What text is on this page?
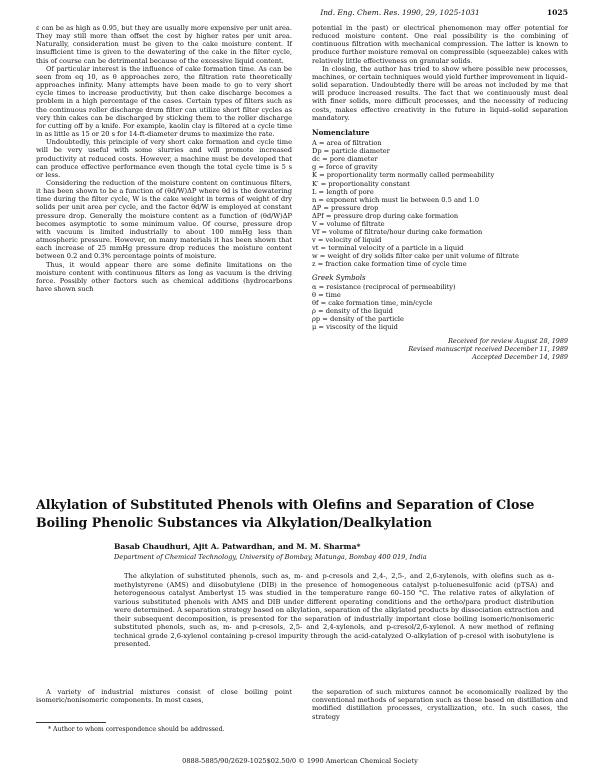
Ind. Eng. Chem. Res. 1990, 29, 1025-1031	1025

ε can be as high as 0.95, but they are usually more expensive per unit area. They may still more than offset the cost by higher rates per unit area. Naturally, consideration must be given to the cake moisture content. If insufficient time is given to the dewatering of the cake in the filter cycle, this of course can be detrimental because of the excessive liquid content.

Of particular interest is the influence of cake formation time. As can be seen from eq 10, as θ approaches zero, the filtration rate theoretically approaches infinity. Many attempts have been made to go to very short cycle times to increase productivity, but then cake discharge becomes a problem in a high percentage of the cases. Certain types of filters such as the continuous roller discharge drum filter can utilize short filter cycles as very thin cakes can be discharged by sticking them to the roller discharge for cutting off by a knife. For example, kaolin clay is filtered at a cycle time in as little as 15 or 20 s for 14-ft-diameter drums to maximize the rate.

Undoubtedly, this principle of very short cake formation and cycle time will be very useful with some slurries and will promote increased productivity at reduced costs. However, a machine must be developed that can produce effective performance even though the total cycle time is 5 s or less.

Considering the reduction of the moisture content on continuous filters, it has been shown to be a function of (θd/W)ΔP where θd is the dewatering time during the filter cycle, W is the cake weight in terms of weight of dry solids per unit area per cycle, and the factor θd/W is employed at constant pressure drop. Generally the moisture content as a function of (θd/W)ΔP becomes asymptotic to some minimum value. Of course, pressure drop with vacuum is limited industrially to about 100 mmHg less than atmospheric pressure. However, on many materials it has been shown that each increase of 25 mmHg pressure drop reduces the moisture content between 0.2 and 0.3% percentage points of moisture.

Thus, it would appear there are some definite limitations on the moisture content with continuous filters as long as vacuum is the driving force. Possibly other factors such as chemical additions (hydrocarbons have shown such

potential in the past) or electrical phenomenon may offer potential for reduced moisture content. One real possibility is the combining of continuous filtration with mechanical compression. The latter is known to produce further moisture removal on compressible (squeezable) cakes with relatively little effectiveness on granular solids.

In closing, the author has tried to show where possible new processes, machines, or certain techniques would yield further improvement in liquid–solid separation. Undoubtedly there will be areas not included by me that will produce increased results. The fact that we continuously must deal with finer solids, more difficult processes, and the necessity of reducing costs, makes effective creativity in the future in liquid–solid separation mandatory.

Nomenclature
A = area of filtration
Dp = particle diameter
dc = pore diameter
g = force of gravity
K = proportionality term normally called permeability
K′ = proportionality constant
L = length of pore
n = exponent which must lie between 0.5 and 1.0
ΔP = pressure drop
ΔPf = pressure drop during cake formation
V = volume of filtrate
Vf = volume of filtrate/hour during cake formation
v = velocity of liquid
vt = terminal velocity of a particle in a liquid
w = weight of dry solids filter cake per unit volume of filtrate
z = fraction cake formation time of cycle time
Greek Symbols
α = resistance (reciprocal of permeability)
θ = time
θf = cake formation time, min/cycle
ρ = density of the liquid
ρp = density of the particle
μ = viscosity of the liquid
Received for review August 28, 1989
Revised manuscript received December 11, 1989
Accepted December 14, 1989
Alkylation of Substituted Phenols with Olefins and Separation of Close Boiling Phenolic Substances via Alkylation/Dealkylation
Basab Chaudhuri, Ajit A. Patwardhan, and M. M. Sharma*
Department of Chemical Technology, University of Bombay, Matunga, Bombay 400 019, India

The alkylation of substituted phenols, such as, m- and p-cresols and 2,4-, 2,5-, and 2,6-xylenols, with olefins such as α-methylstyrene (AMS) and diisobutylene (DIB) in the presence of homogeneous catalyst p-toluenesulfonic acid (pTSA) and heterogeneous catalyst Amberlyst 15 was studied in the temperature range 60–150 °C. The relative rates of alkylation of various substituted phenols with AMS and DIB under different operating conditions and the ortho/para product distribution were determined. A separation strategy based on alkylation, separation of the alkylated products by dissociation extraction and their subsequent decomposition, is presented for the separation of industrially important close boiling isomeric/nonisomeric substituted phenols, such as, m- and p-cresols, 2,5- and 2,4-xylenols, and p-cresol/2,6-xylenol. A new method of refining technical grade 2,6-xylenol containing p-cresol impurity through the acid-catalyzed O-alkylation of p-cresol with isobutylene is presented.

A variety of industrial mixtures consist of close boiling point isomeric/nonisomeric components. In most cases,

the separation of such mixtures cannot be economically realized by the conventional methods of separation such as those based on distillation and modified distillation processes, crystallization, etc. In such cases, the strategy

* Author to whom correspondence should be addressed.

0888-5885/90/2629-1025$02.50/0 © 1990 American Chemical Society
